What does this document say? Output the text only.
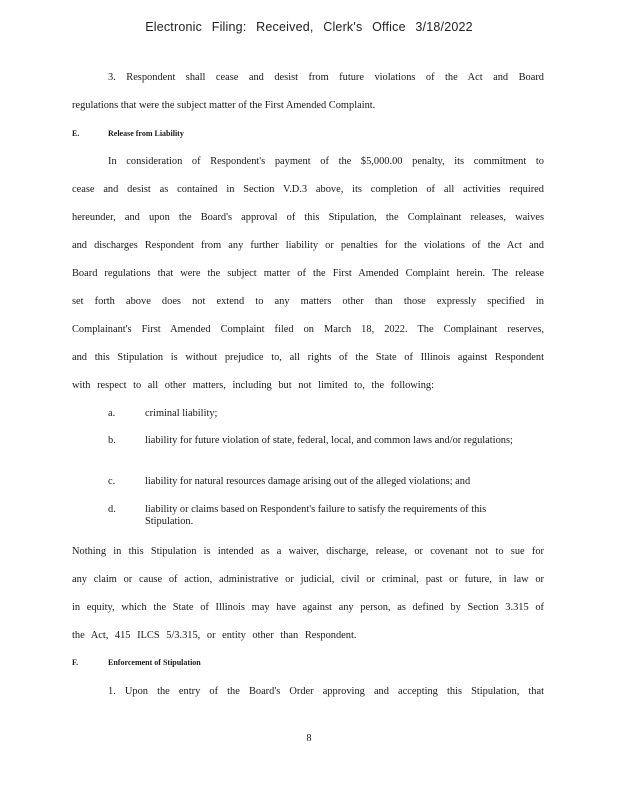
Electronic Filing: Received, Clerk's Office 3/18/2022
3. Respondent shall cease and desist from future violations of the Act and Board
regulations that were the subject matter of the First Amended Complaint.
E.	Release from Liability
In consideration of Respondent's payment of the $5,000.00 penalty, its commitment to
cease and desist as contained in Section V.D.3 above, its completion of all activities required
hereunder, and upon the Board's approval of this Stipulation, the Complainant releases, waives
and discharges Respondent from any further liability or penalties for the violations of the Act and
Board regulations that were the subject matter of the First Amended Complaint herein. The release
set forth above does not extend to any matters other than those expressly specified in
Complainant's First Amended Complaint filed on March 18, 2022. The Complainant reserves,
and this Stipulation is without prejudice to, all rights of the State of Illinois against Respondent
with respect to all other matters, including but not limited to, the following:
a.	criminal liability;
b.	liability for future violation of state, federal, local, and common laws and/or regulations;
c.	liability for natural resources damage arising out of the alleged violations; and
d.	liability or claims based on Respondent's failure to satisfy the requirements of this Stipulation.
Nothing in this Stipulation is intended as a waiver, discharge, release, or covenant not to sue for
any claim or cause of action, administrative or judicial, civil or criminal, past or future, in law or
in equity, which the State of Illinois may have against any person, as defined by Section 3.315 of
the Act, 415 ILCS 5/3.315, or entity other than Respondent.
F.	Enforcement of Stipulation
1. Upon the entry of the Board's Order approving and accepting this Stipulation, that
8
